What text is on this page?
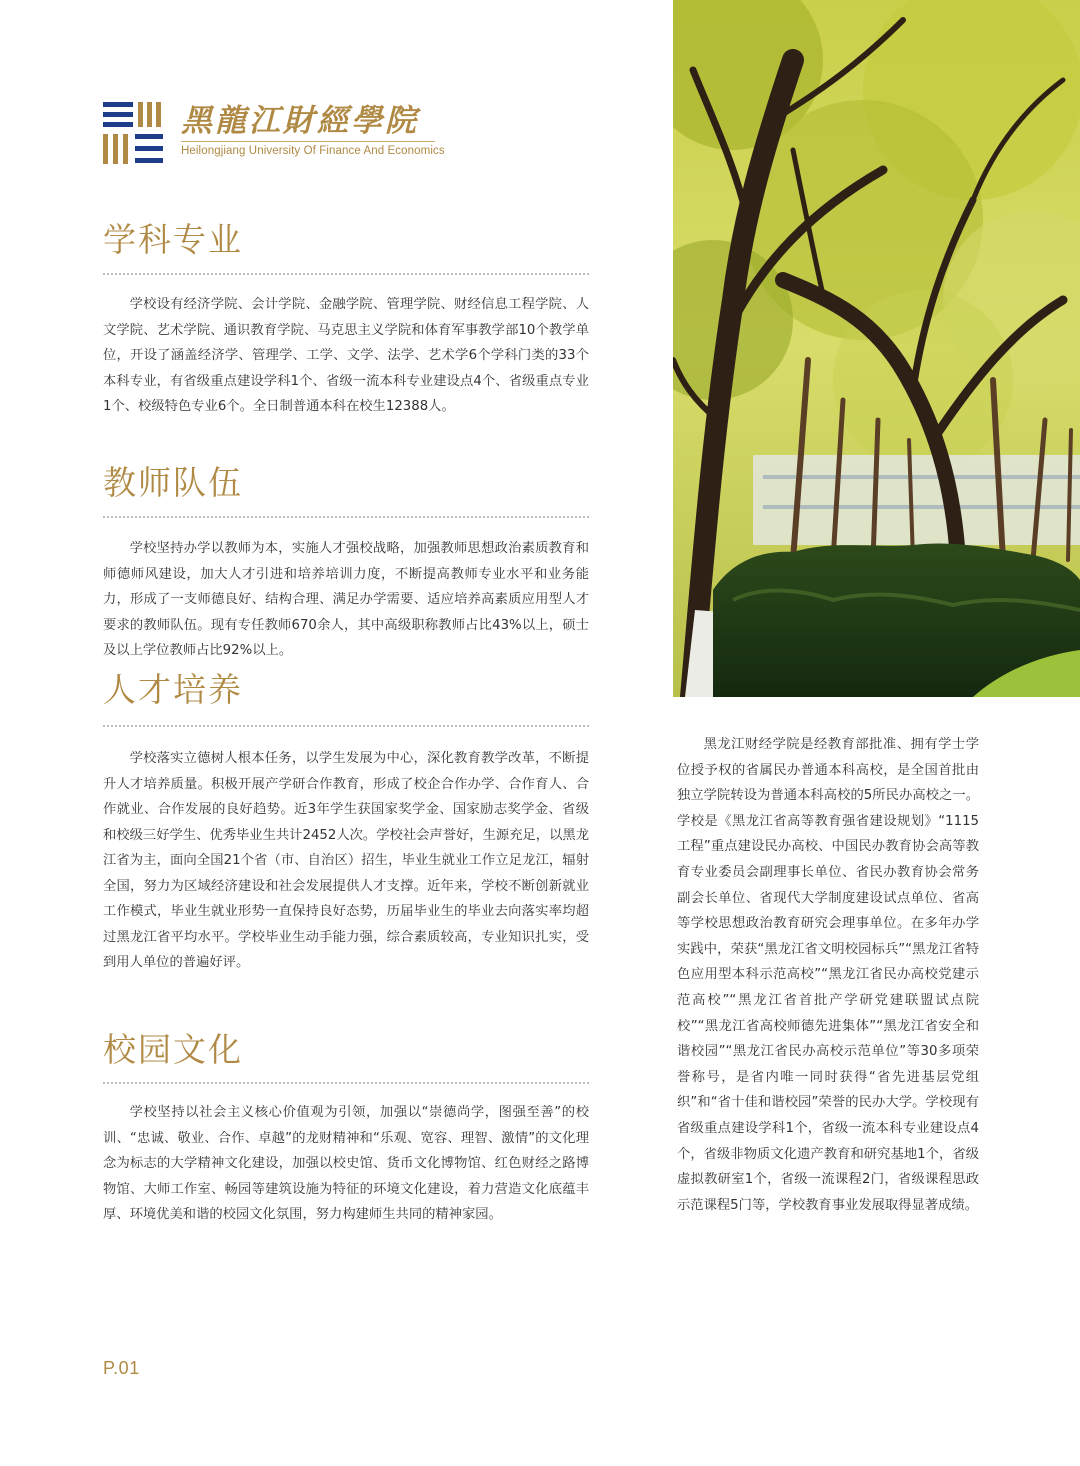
黑龍江財經學院
Heilongjiang University Of Finance And Economics
学科专业

学校设有经济学院、会计学院、金融学院、管理学院、财经信息工程学院、人文学院、艺术学院、通识教育学院、马克思主义学院和体育军事教学部10个教学单位，开设了涵盖经济学、管理学、工学、文学、法学、艺术学6个学科门类的33个本科专业，有省级重点建设学科1个、省级一流本科专业建设点4个、省级重点专业1个、校级特色专业6个。全日制普通本科在校生12388人。

教师队伍

学校坚持办学以教师为本，实施人才强校战略，加强教师思想政治素质教育和师德师风建设，加大人才引进和培养培训力度，不断提高教师专业水平和业务能力，形成了一支师德良好、结构合理、满足办学需要、适应培养高素质应用型人才要求的教师队伍。现有专任教师670余人，其中高级职称教师占比43%以上，硕士及以上学位教师占比92%以上。

人才培养

学校落实立德树人根本任务，以学生发展为中心，深化教育教学改革，不断提升人才培养质量。积极开展产学研合作教育，形成了校企合作办学、合作育人、合作就业、合作发展的良好趋势。近3年学生获国家奖学金、国家励志奖学金、省级和校级三好学生、优秀毕业生共计2452人次。学校社会声誉好，生源充足，以黑龙江省为主，面向全国21个省（市、自治区）招生，毕业生就业工作立足龙江，辐射全国，努力为区域经济建设和社会发展提供人才支撑。近年来，学校不断创新就业工作模式，毕业生就业形势一直保持良好态势，历届毕业生的毕业去向落实率均超过黑龙江省平均水平。学校毕业生动手能力强，综合素质较高，专业知识扎实，受到用人单位的普遍好评。

校园文化

学校坚持以社会主义核心价值观为引领，加强以“崇德尚学，图强至善”的校训、“忠诚、敬业、合作、卓越”的龙财精神和“乐观、宽容、理智、激情”的文化理念为标志的大学精神文化建设，加强以校史馆、货币文化博物馆、红色财经之路博物馆、大师工作室、畅园等建筑设施为特征的环境文化建设，着力营造文化底蕴丰厚、环境优美和谐的校园文化氛围，努力构建师生共同的精神家园。

黑龙江财经学院是经教育部批准、拥有学士学位授予权的省属民办普通本科高校，是全国首批由独立学院转设为普通本科高校的5所民办高校之一。学校是《黑龙江省高等教育强省建设规划》“1115工程”重点建设民办高校、中国民办教育协会高等教育专业委员会副理事长单位、省民办教育协会常务副会长单位、省现代大学制度建设试点单位、省高等学校思想政治教育研究会理事单位。在多年办学实践中，荣获“黑龙江省文明校园标兵”“黑龙江省特色应用型本科示范高校”“黑龙江省民办高校党建示范高校”“黑龙江省首批产学研党建联盟试点院校”“黑龙江省高校师德先进集体”“黑龙江省安全和谐校园”“黑龙江省民办高校示范单位”等30多项荣誉称号，是省内唯一同时获得“省先进基层党组织”和“省十佳和谐校园”荣誉的民办大学。学校现有省级重点建设学科1个，省级一流本科专业建设点4个，省级非物质文化遗产教育和研究基地1个，省级虚拟教研室1个，省级一流课程2门，省级课程思政示范课程5门等，学校教育事业发展取得显著成绩。

P.01
